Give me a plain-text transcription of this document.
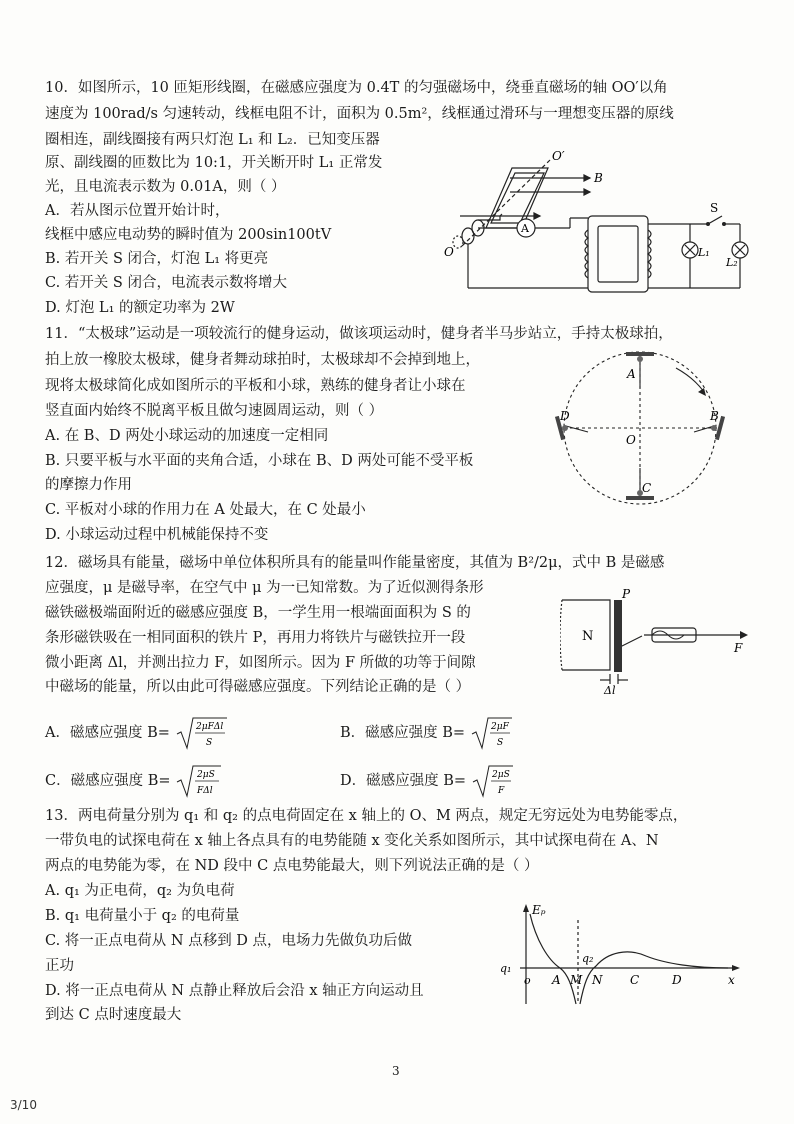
10．如图所示，10 匝矩形线圈，在磁感应强度为 0.4T 的匀强磁场中，绕垂直磁场的轴 OO′以角
速度为 100rad/s 匀速转动，线框电阻不计，面积为 0.5m²，线框通过滑环与一理想变压器的原线
圈相连，副线圈接有两只灯泡 L₁ 和 L₂．已知变压器
原、副线圈的匝数比为 10:1，开关断开时 L₁ 正常发
光，且电流表示数为 0.01A，则（ ）
A．若从图示位置开始计时，
线框中感应电动势的瞬时值为 200sin100tV
B. 若开关 S 闭合，灯泡 L₁ 将更亮
C. 若开关 S 闭合，电流表示数将增大
D. 灯泡 L₁ 的额定功率为 2W
O′
B
O
A
S
L₁
L₂
11．“太极球”运动是一项较流行的健身运动，做该项运动时，健身者半马步站立，手持太极球拍，
拍上放一橡胶太极球，健身者舞动球拍时，太极球却不会掉到地上，
现将太极球简化成如图所示的平板和小球，熟练的健身者让小球在
竖直面内始终不脱离平板且做匀速圆周运动，则（ ）
A. 在 B、D 两处小球运动的加速度一定相同
B. 只要平板与水平面的夹角合适，小球在 B、D 两处可能不受平板
的摩擦力作用
C. 平板对小球的作用力在 A 处最大，在 C 处最小
D. 小球运动过程中机械能保持不变
A
B
C
D
O
12．磁场具有能量，磁场中单位体积所具有的能量叫作能量密度，其值为 B²/2μ，式中 B 是磁感
应强度，μ 是磁导率，在空气中 μ 为一已知常数。为了近似测得条形
磁铁磁极端面附近的磁感应强度 B，一学生用一根端面面积为 S 的
条形磁铁吸在一相同面积的铁片 P，再用力将铁片与磁铁拉开一段
微小距离 Δl，并测出拉力 F，如图所示。因为 F 所做的功等于间隙
中磁场的能量，所以由此可得磁感应强度。下列结论正确的是（ ）
N
P
F
Δl
A．磁感应强度 B=	2μFΔl
S
B．磁感应强度 B=	2μF
S
C．磁感应强度 B=	2μS
FΔl
D．磁感应强度 B=	2μS
F
13．两电荷量分别为 q₁ 和 q₂ 的点电荷固定在 x 轴上的 O、M 两点，规定无穷远处为电势能零点，
一带负电的试探电荷在 x 轴上各点具有的电势能随 x 变化关系如图所示，其中试探电荷在 A、N
两点的电势能为零，在 ND 段中 C 点电势能最大，则下列说法正确的是（ ）
A. q₁ 为正电荷，q₂ 为负电荷
B. q₁ 电荷量小于 q₂ 的电荷量
C. 将一正点电荷从 N 点移到 D 点，电场力先做负功后做
正功
D. 将一正点电荷从 N 点静止释放后会沿 x 轴正方向运动且
到达 C 点时速度最大
Eₚ
q₁
q₂
o A M N C	D	x
3
3/10
